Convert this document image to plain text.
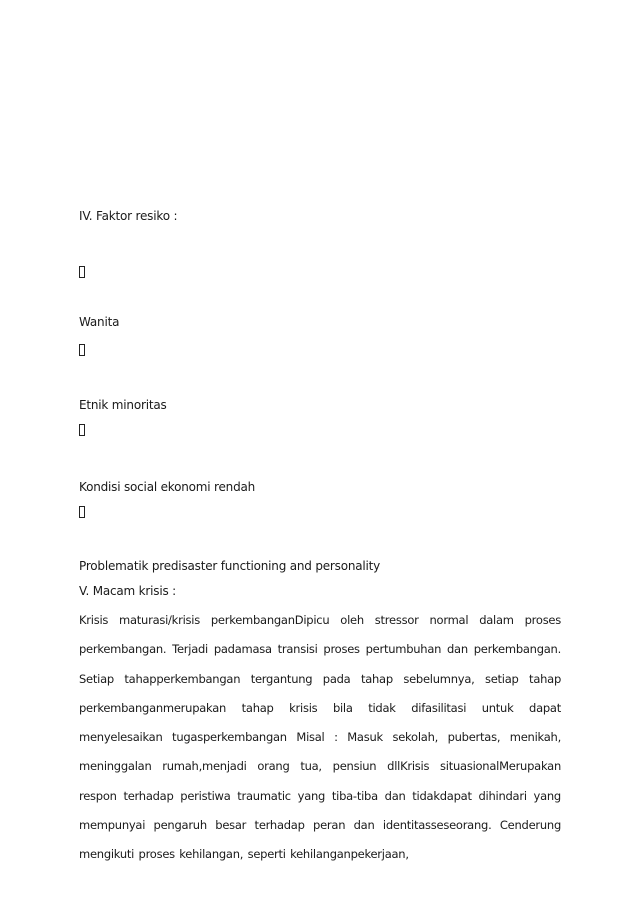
IV. Faktor resiko :
Wanita
Etnik minoritas
Kondisi social ekonomi rendah
Problematik predisaster functioning and personality
V. Macam krisis :
Krisis maturasi/krisis perkembanganDipicu oleh stressor normal dalam proses perkembangan. Terjadi padamasa transisi proses pertumbuhan dan perkembangan. Setiap tahapperkembangan tergantung pada tahap sebelumnya, setiap tahap perkembanganmerupakan tahap krisis bila tidak difasilitasi untuk dapat menyelesaikan tugasperkembangan Misal : Masuk sekolah, pubertas, menikah, meninggalan rumah,menjadi orang tua, pensiun dllKrisis situasionalMerupakan respon terhadap peristiwa traumatic yang tiba-tiba dan tidakdapat dihindari yang mempunyai pengaruh besar terhadap peran dan identitasseseorang. Cenderung mengikuti proses kehilangan, seperti kehilanganpekerjaan,
